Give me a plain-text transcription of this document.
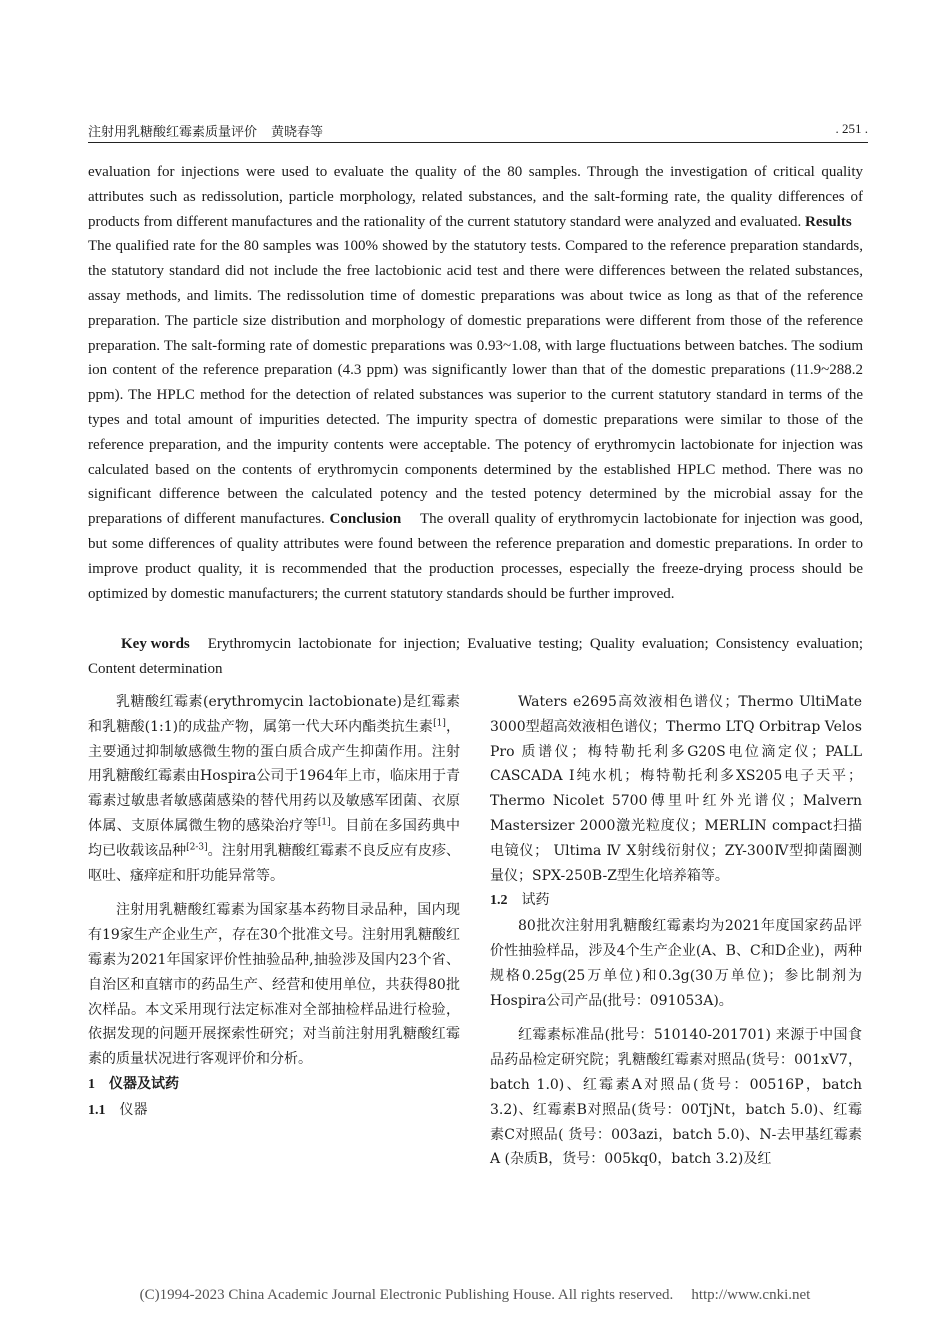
注射用乳糖酸红霉素质量评价 黄晓春等	. 251 .

evaluation for injections were used to evaluate the quality of the 80 samples. Through the investigation of critical quality attributes such as redissolution, particle morphology, related substances, and the salt-forming rate, the quality differences of products from different manufactures and the rationality of the current statutory standard were analyzed and evaluated. Results    The qualified rate for the 80 samples was 100% showed by the statutory tests. Compared to the reference preparation standards, the statutory standard did not include the free lactobionic acid test and there were differences between the related substances, assay methods, and limits. The redissolution time of domestic preparations was about twice as long as that of the reference preparation. The particle size distribution and morphology of domestic preparations were different from those of the reference preparation. The salt-forming rate of domestic preparations was 0.93~1.08, with large fluctuations between batches. The sodium ion content of the reference preparation (4.3 ppm) was significantly lower than that of the domestic preparations (11.9~288.2 ppm). The HPLC method for the detection of related substances was superior to the current statutory standard in terms of the types and total amount of impurities detected. The impurity spectra of domestic preparations were similar to those of the reference preparation, and the impurity contents were acceptable. The potency of erythromycin lactobionate for injection was calculated based on the contents of erythromycin components determined by the established HPLC method. There was no significant difference between the calculated potency and the tested potency determined by the microbial assay for the preparations of different manufactures. Conclusion The overall quality of erythromycin lactobionate for injection was good, but some differences of quality attributes were found between the reference preparation and domestic preparations. In order to improve product quality, it is recommended that the production processes, especially the freeze-drying process should be optimized by domestic manufacturers; the current statutory standards should be further improved.

Key words Erythromycin lactobionate for injection; Evaluative testing; Quality evaluation; Consistency evaluation; Content determination

乳糖酸红霉素(erythromycin lactobionate)是红霉素和乳糖酸(1:1)的成盐产物，属第一代大环内酯类抗生素[1]，主要通过抑制敏感微生物的蛋白质合成产生抑菌作用。注射用乳糖酸红霉素由Hospira公司于1964年上市，临床用于青霉素过敏患者敏感菌感染的替代用药以及敏感军团菌、衣原体属、支原体属微生物的感染治疗等[1]。目前在多国药典中均已收载该品种[2-3]。注射用乳糖酸红霉素不良反应有皮疹、呕吐、瘙痒症和肝功能异常等。

注射用乳糖酸红霉素为国家基本药物目录品种，国内现有19家生产企业生产，存在30个批准文号。注射用乳糖酸红霉素为2021年国家评价性抽验品种,抽验涉及国内23个省、自治区和直辖市的药品生产、经营和使用单位，共获得80批次样品。本文采用现行法定标准对全部抽检样品进行检验，依据发现的问题开展探索性研究；对当前注射用乳糖酸红霉素的质量状况进行客观评价和分析。

1 仪器及试药
1.1 仪器

Waters e2695高效液相色谱仪；Thermo UltiMate 3000型超高效液相色谱仪；Thermo LTQ Orbitrap Velos Pro 质谱仪；梅特勒托利多G20S电位滴定仪；PALL CASCADA Ⅰ纯水机；梅特勒托利多XS205电子天平；Thermo Nicolet 5700傅里叶红外光谱仪；Malvern Mastersizer 2000激光粒度仪；MERLIN compact扫描电镜仪； Ultima Ⅳ X射线衍射仪；ZY-300Ⅳ型抑菌圈测量仪；SPX-250B-Z型生化培养箱等。

1.2 试药

80批次注射用乳糖酸红霉素均为2021年度国家药品评价性抽验样品，涉及4个生产企业(A、B、C和D企业)，两种规格0.25g(25万单位)和0.3g(30万单位)；参比制剂为Hospira公司产品(批号：091053A)。

红霉素标准品(批号：510140-201701) 来源于中国食品药品检定研究院；乳糖酸红霉素对照品(货号：001xV7，batch 1.0)、红霉素A对照品(货号：00516P，batch 3.2)、红霉素B对照品(货号：00TjNt，batch 5.0)、红霉素C对照品( 货号：003azi，batch 5.0)、N-去甲基红霉素A (杂质B，货号：005kq0，batch 3.2)及红

(C)1994-2023 China Academic Journal Electronic Publishing House. All rights reserved. http://www.cnki.net
